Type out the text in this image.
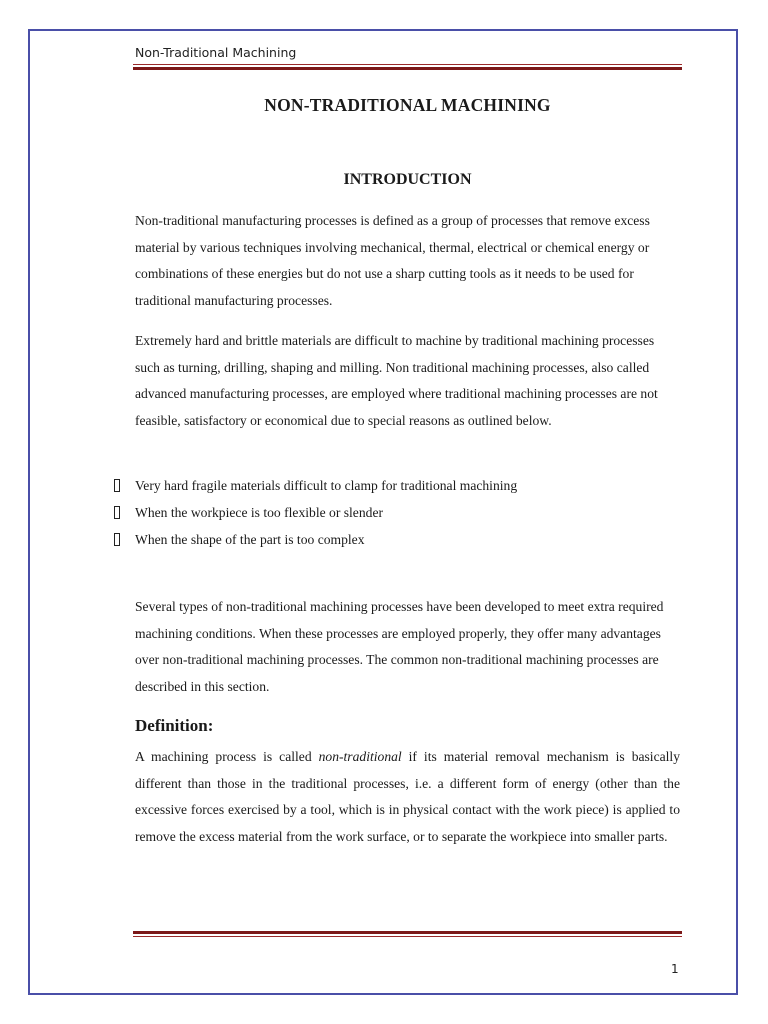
Non-Traditional Machining
NON-TRADITIONAL MACHINING
INTRODUCTION

Non-traditional manufacturing processes is defined as a group of processes that remove excess material by various techniques involving mechanical, thermal, electrical or chemical energy or combinations of these energies but do not use a sharp cutting tools as it needs to be used for traditional manufacturing processes.

Extremely hard and brittle materials are difficult to machine by traditional machining processes such as turning, drilling, shaping and milling. Non traditional machining processes, also called advanced manufacturing processes, are employed where traditional machining processes are not feasible, satisfactory or economical due to special reasons as outlined below.

Very hard fragile materials difficult to clamp for traditional machining
When the workpiece is too flexible or slender
When the shape of the part is too complex

Several types of non-traditional machining processes have been developed to meet extra required machining conditions. When these processes are employed properly, they offer many advantages over non-traditional machining processes. The common non-traditional machining processes are described in this section.

Definition:

A machining process is called non-traditional if its material removal mechanism is basically different than those in the traditional processes, i.e. a different form of energy (other than the excessive forces exercised by a tool, which is in physical contact with the work piece) is applied to remove the excess material from the work surface, or to separate the workpiece into smaller parts.

1
